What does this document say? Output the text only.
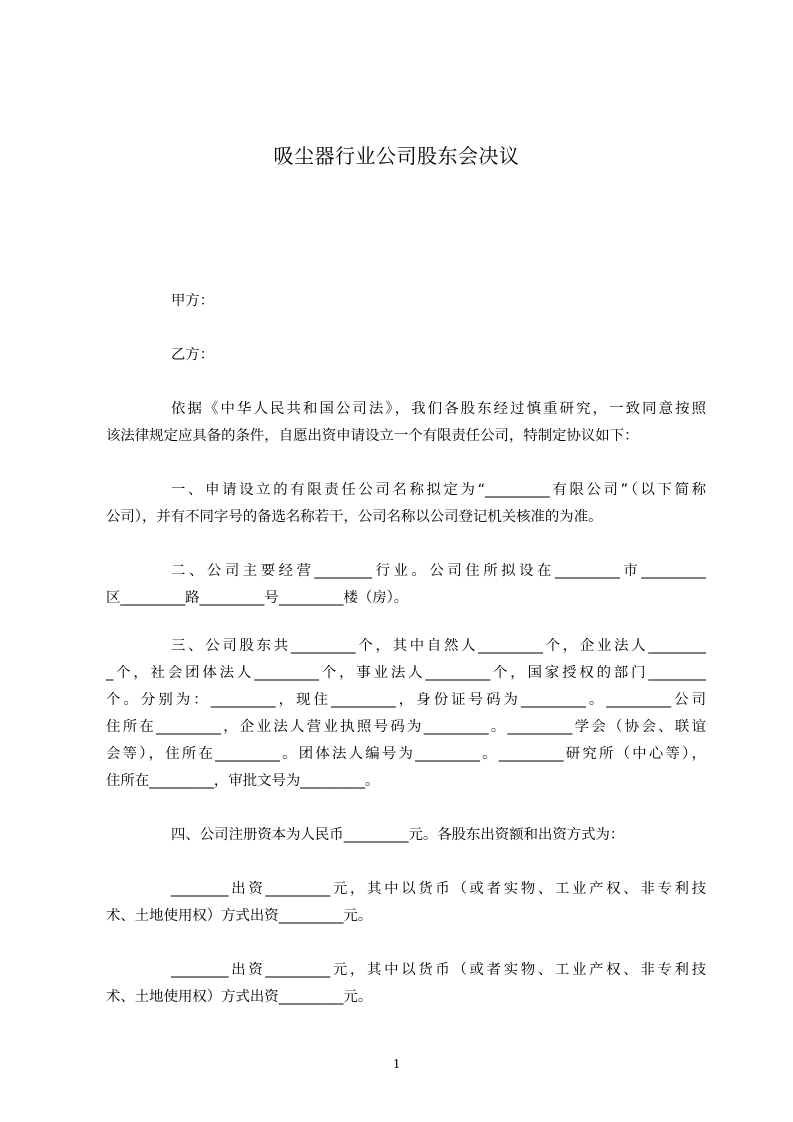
吸尘器行业公司股东会决议
甲方：
乙方：
依据《中华人民共和国公司法》，我们各股东经过慎重研究，一致同意按照
该法律规定应具备的条件，自愿出资申请设立一个有限责任公司，特制定协议如下：
一、申请设立的有限责任公司名称拟定为“_________有限公司”（以下简称
公司），并有不同字号的备选名称若干，公司名称以公司登记机关核准的为准。
二、公司主要经营________行业。公司住所拟设在_________市_________
区_________路_________号_________楼（房）。
三、公司股东共_________个，其中自然人_________个，企业法人________
_个，社会团体法人_________个，事业法人_________个，国家授权的部门________
个。分别为：_________，现住_________，身份证号码为_________。_________公司
住所在_________，企业法人营业执照号码为_________。_________学会（协会、联谊
会等），住所在_________。团体法人编号为_________。_________研究所（中心等），
住所在_________，审批文号为_________。
四、公司注册资本为人民币_________元。各股东出资额和出资方式为：
________出资_________元，其中以货币（或者实物、工业产权、非专利技
术、土地使用权）方式出资_________元。
________出资_________元，其中以货币（或者实物、工业产权、非专利技
术、土地使用权）方式出资_________元。
1
